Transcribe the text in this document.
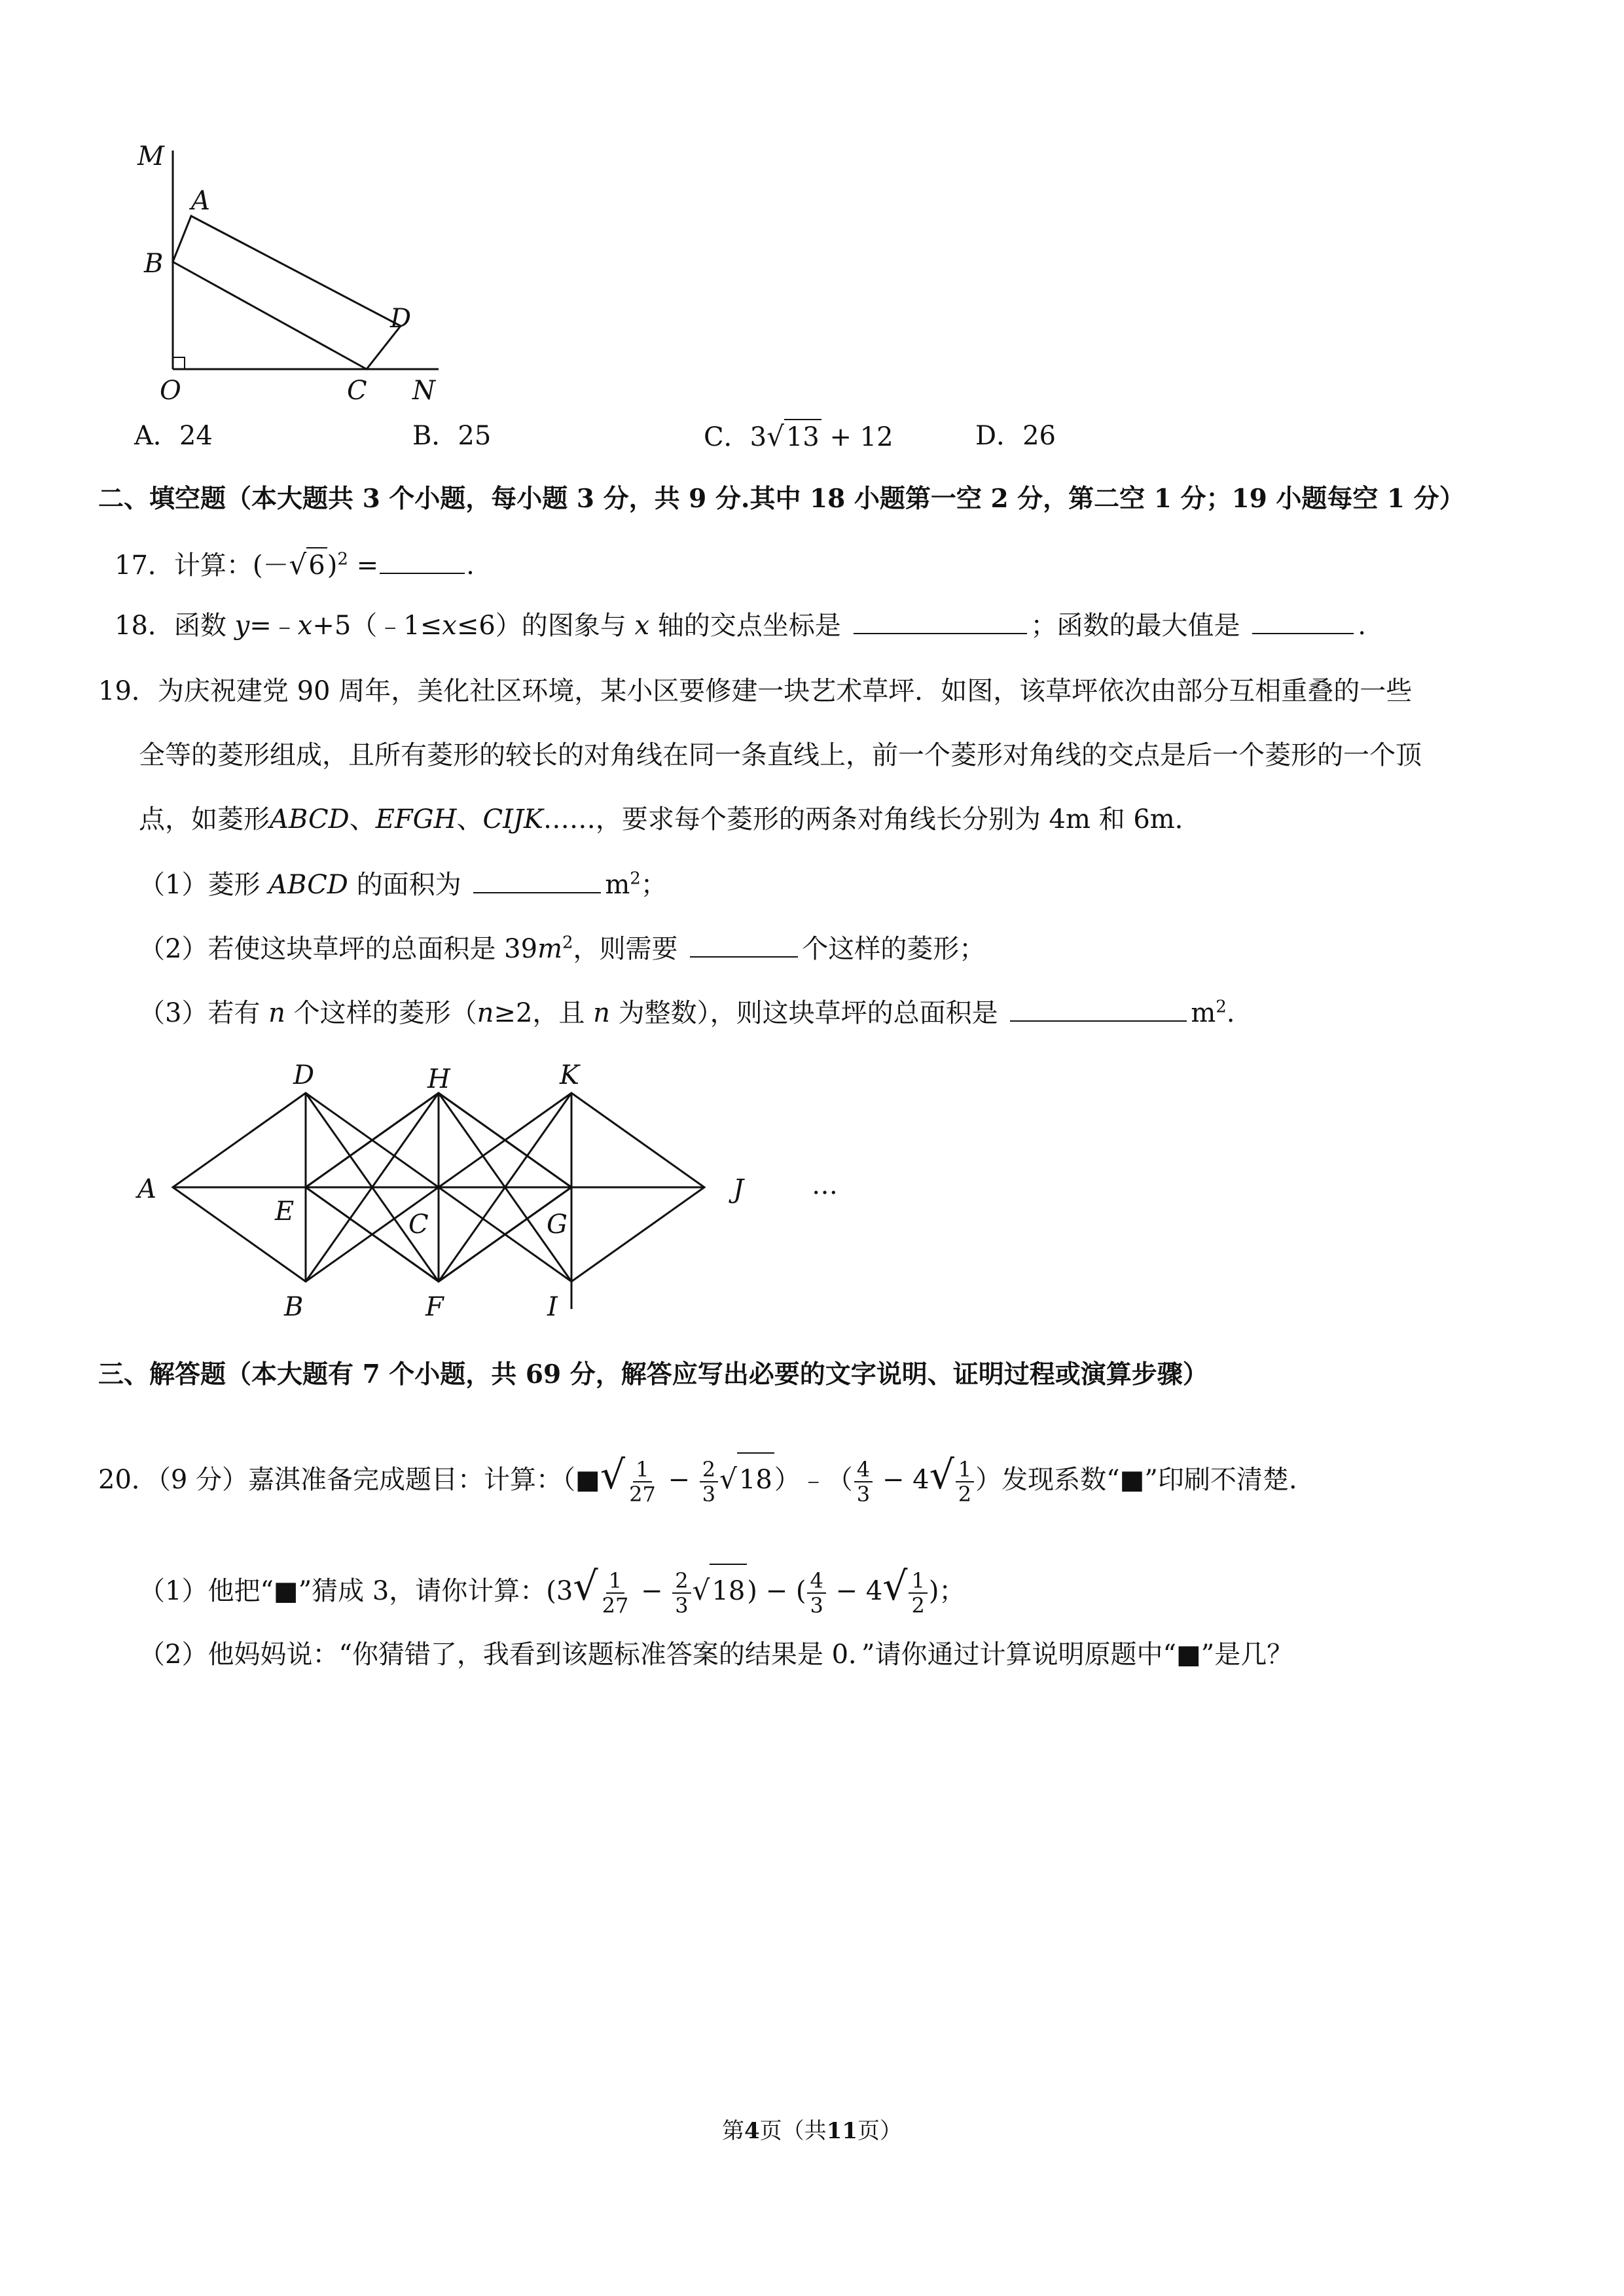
M
A
B
D
O	C N
A．24	B．25	C．3√13 + 12	D．26
二、填空题（本大题共 3 个小题，每小题 3 分，共 9 分.其中 18 小题第一空 2 分，第二空 1 分；19 小题每空 1 分）
17．计算：$(-√6)^2$ =	.
18．函数 y=﹣x+5（﹣1≤x≤6）的图象与 x 轴的交点坐标是	；函数的最大值是	.
19．为庆祝建党 90 周年，美化社区环境，某小区要修建一块艺术草坪．如图，该草坪依次由部分互相重叠的一些
全等的菱形组成，且所有菱形的较长的对角线在同一条直线上，前一个菱形对角线的交点是后一个菱形的一个顶
点，如菱形ABCD、EFGH、CIJK……，要求每个菱形的两条对角线长分别为 4m 和 6m．
（1）菱形 ABCD 的面积为	$m^2$；
（2）若使这块草坪的总面积是 $39m^2$，则需要	个这样的菱形；
（3）若有 n 个这样的菱形（n≥2，且 n 为整数），则这块草坪的总面积是	$m^2$.
D	H	K
A
E	C	G
J
B	F	I
…
三、解答题（本大题有 7 个小题，共 69 分，解答应写出必要的文字说明、证明过程或演算步骤）
20．（9 分）嘉淇准备完成题目：计算：（■√ $\frac{1}{27} - \frac{2}{3}$ √18）﹣（ $\frac{4}{3} - 4√ \frac{1}{2}$ ）发现系数“■”印刷不清楚.
（1）他把“■”猜成 3，请你计算：$(3√ \frac{1}{27} - \frac{2}{3} √18)$ − ( $\frac{4}{3} - 4√ \frac{1}{2}$ )；
（2）他妈妈说：“你猜错了，我看到该题标准答案的结果是 0．”请你通过计算说明原题中“■”是几？
第4页（共11页）
